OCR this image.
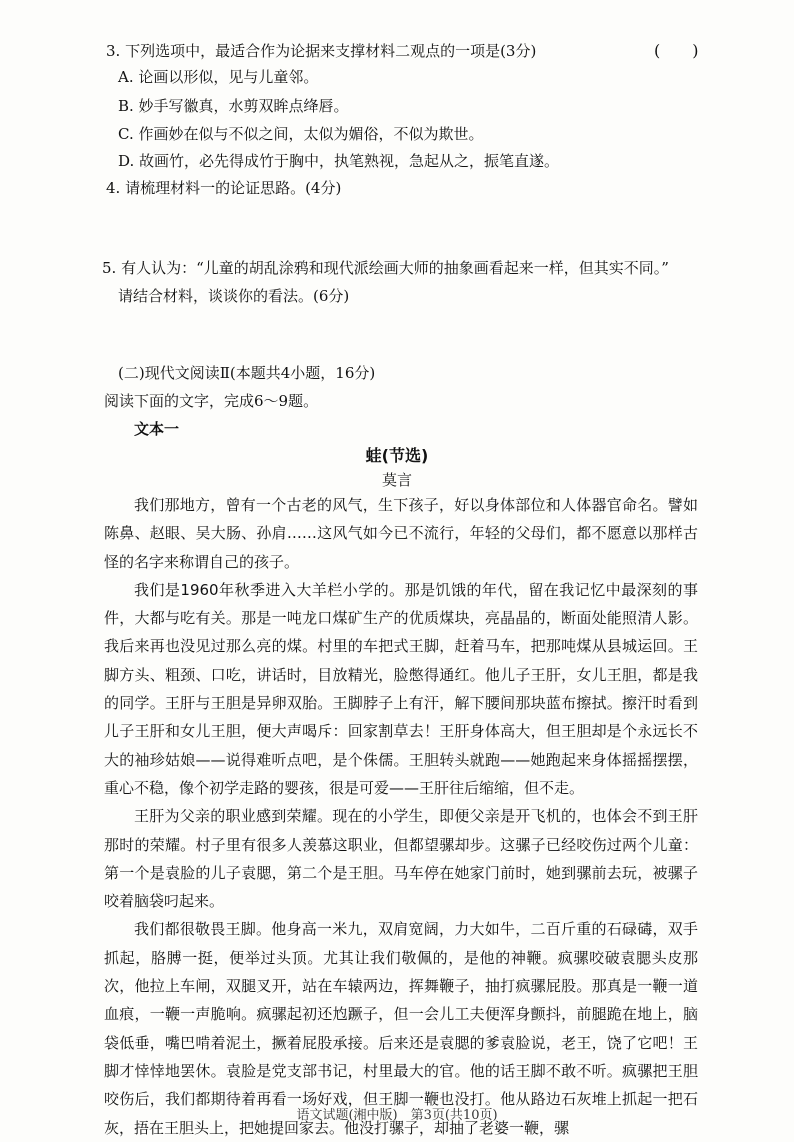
3. 下列选项中，最适合作为论据来支撑材料二观点的一项是(3分)	(　　)
A. 论画以形似，见与儿童邻。
B. 妙手写徽真，水剪双眸点绛唇。
C. 作画妙在似与不似之间，太似为媚俗，不似为欺世。
D. 故画竹，必先得成竹于胸中，执笔熟视，急起从之，振笔直遂。
4. 请梳理材料一的论证思路。(4分)
5. 有人认为：“儿童的胡乱涂鸦和现代派绘画大师的抽象画看起来一样，但其实不同。”
请结合材料，谈谈你的看法。(6分)
(二)现代文阅读Ⅱ(本题共4小题，16分)
阅读下面的文字，完成6～9题。
文本一
蛙(节选)
莫言

我们那地方，曾有一个古老的风气，生下孩子，好以身体部位和人体器官命名。譬如陈鼻、赵眼、吴大肠、孙肩……这风气如今已不流行，年轻的父母们，都不愿意以那样古怪的名字来称谓自己的孩子。

我们是1960年秋季进入大羊栏小学的。那是饥饿的年代，留在我记忆中最深刻的事件，大都与吃有关。那是一吨龙口煤矿生产的优质煤块，亮晶晶的，断面处能照清人影。我后来再也没见过那么亮的煤。村里的车把式王脚，赶着马车，把那吨煤从县城运回。王脚方头、粗颈、口吃，讲话时，目放精光，脸憋得通红。他儿子王肝，女儿王胆，都是我的同学。王肝与王胆是异卵双胎。王脚脖子上有汗，解下腰间那块蓝布擦拭。擦汗时看到儿子王肝和女儿王胆，便大声喝斥：回家割草去！王肝身体高大，但王胆却是个永远长不大的袖珍姑娘——说得难听点吧，是个侏儒。王胆转头就跑——她跑起来身体摇摇摆摆，重心不稳，像个初学走路的婴孩，很是可爱——王肝往后缩缩，但不走。

王肝为父亲的职业感到荣耀。现在的小学生，即便父亲是开飞机的，也体会不到王肝那时的荣耀。村子里有很多人羡慕这职业，但都望骡却步。这骡子已经咬伤过两个儿童：第一个是袁脸的儿子袁腮，第二个是王胆。马车停在她家门前时，她到骡前去玩，被骡子咬着脑袋叼起来。

我们都很敬畏王脚。他身高一米九，双肩宽阔，力大如牛，二百斤重的石碌碡，双手抓起，胳膊一挺，便举过头顶。尤其让我们敬佩的，是他的神鞭。疯骡咬破袁腮头皮那次，他拉上车闸，双腿叉开，站在车辕两边，挥舞鞭子，抽打疯骡屁股。那真是一鞭一道血痕，一鞭一声脆响。疯骡起初还尥蹶子，但一会儿工夫便浑身颤抖，前腿跪在地上，脑袋低垂，嘴巴啃着泥土，撅着屁股承接。后来还是袁腮的爹袁脸说，老王，饶了它吧！王脚才悻悻地罢休。袁脸是党支部书记，村里最大的官。他的话王脚不敢不听。疯骡把王胆咬伤后，我们都期待着再看一场好戏，但王脚一鞭也没打。他从路边石灰堆上抓起一把石灰，捂在王胆头上，把她提回家去。他没打骡子，却抽了老婆一鞭，骡

语文试题(湘中版)　第3页(共10页)
